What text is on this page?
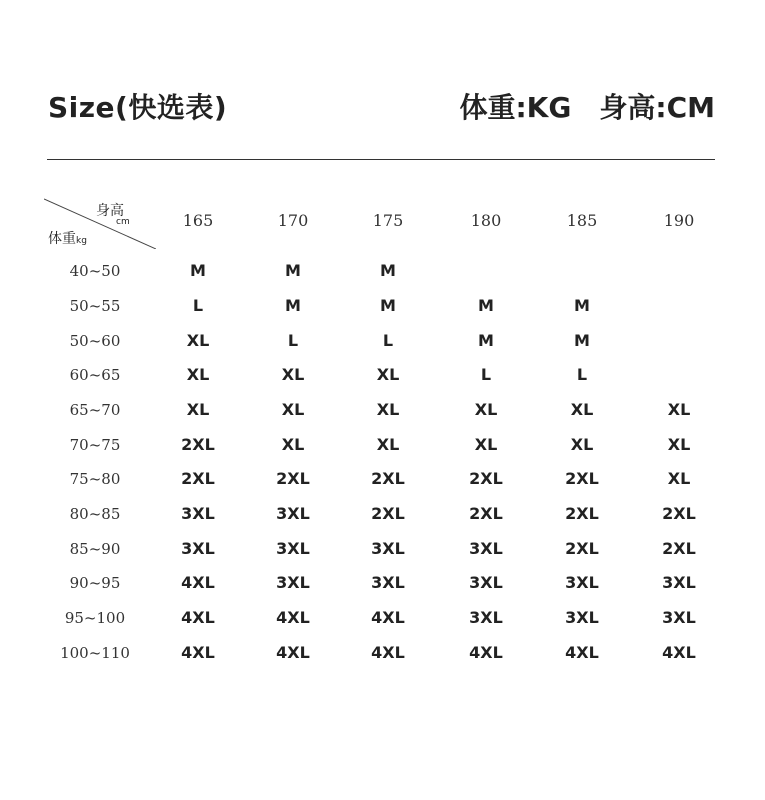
Size(快选表)	体重:KG 身高:CM
身高
cm
体重kg
165	170	175	180	185	190
40~50	M	M	M
50~55	L	M	M	M	M
50~60	XL	L	L	M	M
60~65	XL	XL	XL	L	L
65~70	XL	XL	XL	XL	XL	XL
70~75	2XL	XL	XL	XL	XL	XL
75~80	2XL	2XL	2XL	2XL	2XL	XL
80~85	3XL	3XL	2XL	2XL	2XL	2XL
85~90	3XL	3XL	3XL	3XL	2XL	2XL
90~95	4XL	3XL	3XL	3XL	3XL	3XL
95~100	4XL	4XL	4XL	3XL	3XL	3XL
100~110	4XL	4XL	4XL	4XL	4XL	4XL
